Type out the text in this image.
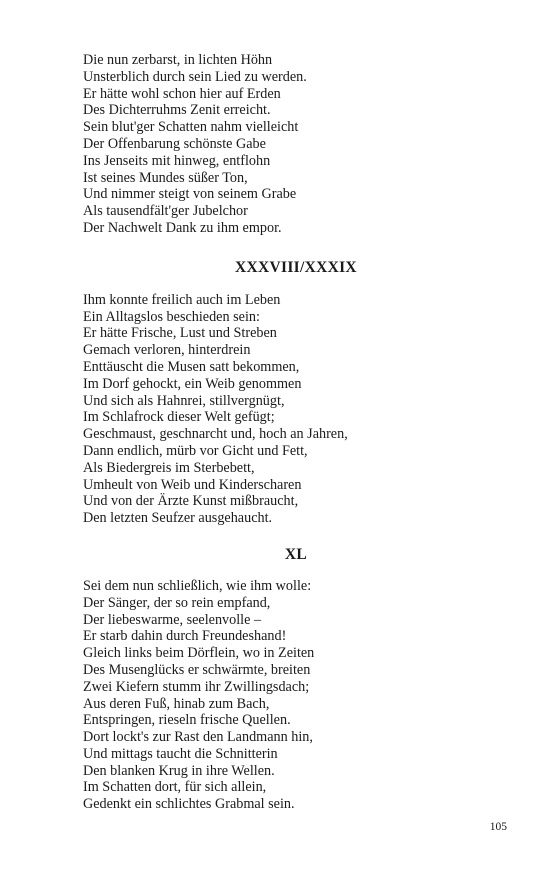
Die nun zerbarst, in lichten Höhn
Unsterblich durch sein Lied zu werden.
Er hätte wohl schon hier auf Erden
Des Dichterruhms Zenit erreicht.
Sein blut'ger Schatten nahm vielleicht
Der Offenbarung schönste Gabe
Ins Jenseits mit hinweg, entflohn
Ist seines Mundes süßer Ton,
Und nimmer steigt von seinem Grabe
Als tausendfält'ger Jubelchor
Der Nachwelt Dank zu ihm empor.
XXXVIII/XXXIX
Ihm konnte freilich auch im Leben
Ein Alltagslos beschieden sein:
Er hätte Frische, Lust und Streben
Gemach verloren, hinterdrein
Enttäuscht die Musen satt bekommen,
Im Dorf gehockt, ein Weib genommen
Und sich als Hahnrei, stillvergnügt,
Im Schlafrock dieser Welt gefügt;
Geschmaust, geschnarcht und, hoch an Jahren,
Dann endlich, mürb vor Gicht und Fett,
Als Biedergreis im Sterbebett,
Umheult von Weib und Kinderscharen
Und von der Ärzte Kunst mißbraucht,
Den letzten Seufzer ausgehaucht.
XL
Sei dem nun schließlich, wie ihm wolle:
Der Sänger, der so rein empfand,
Der liebeswarme, seelenvolle –
Er starb dahin durch Freundeshand!
Gleich links beim Dörflein, wo in Zeiten
Des Musenglücks er schwärmte, breiten
Zwei Kiefern stumm ihr Zwillingsdach;
Aus deren Fuß, hinab zum Bach,
Entspringen, rieseln frische Quellen.
Dort lockt's zur Rast den Landmann hin,
Und mittags taucht die Schnitterin
Den blanken Krug in ihre Wellen.
Im Schatten dort, für sich allein,
Gedenkt ein schlichtes Grabmal sein.
105
